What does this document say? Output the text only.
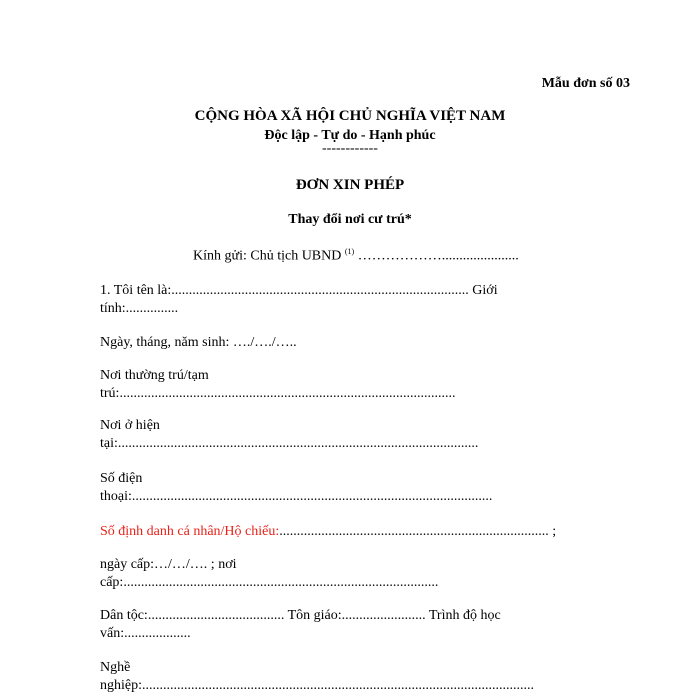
Mẫu đơn số 03
CỘNG HÒA XÃ HỘI CHỦ NGHĨA VIỆT NAM
Độc lập - Tự do - Hạnh phúc
------------
ĐƠN XIN PHÉP
Thay đổi nơi cư trú*
Kính gửi: Chủ tịch UBND $^{(1)}$ ………………......................
1. Tôi tên là:..................................................................................... Giới
tính:...............
Ngày, tháng, năm sinh: …./…./…..
Nơi thường trú/tạm
trú:................................................................................................
Nơi ở hiện
tại:.......................................................................................................
Số điện
thoại:.......................................................................................................
Số định danh cá nhân/Hộ chiếu:............................................................................. ;
ngày cấp:…/…/…. ; nơi
cấp:..........................................................................................
Dân tộc:....................................... Tôn giáo:........................ Trình độ học
vấn:...................
Nghề
nghiệp:................................................................................................................
